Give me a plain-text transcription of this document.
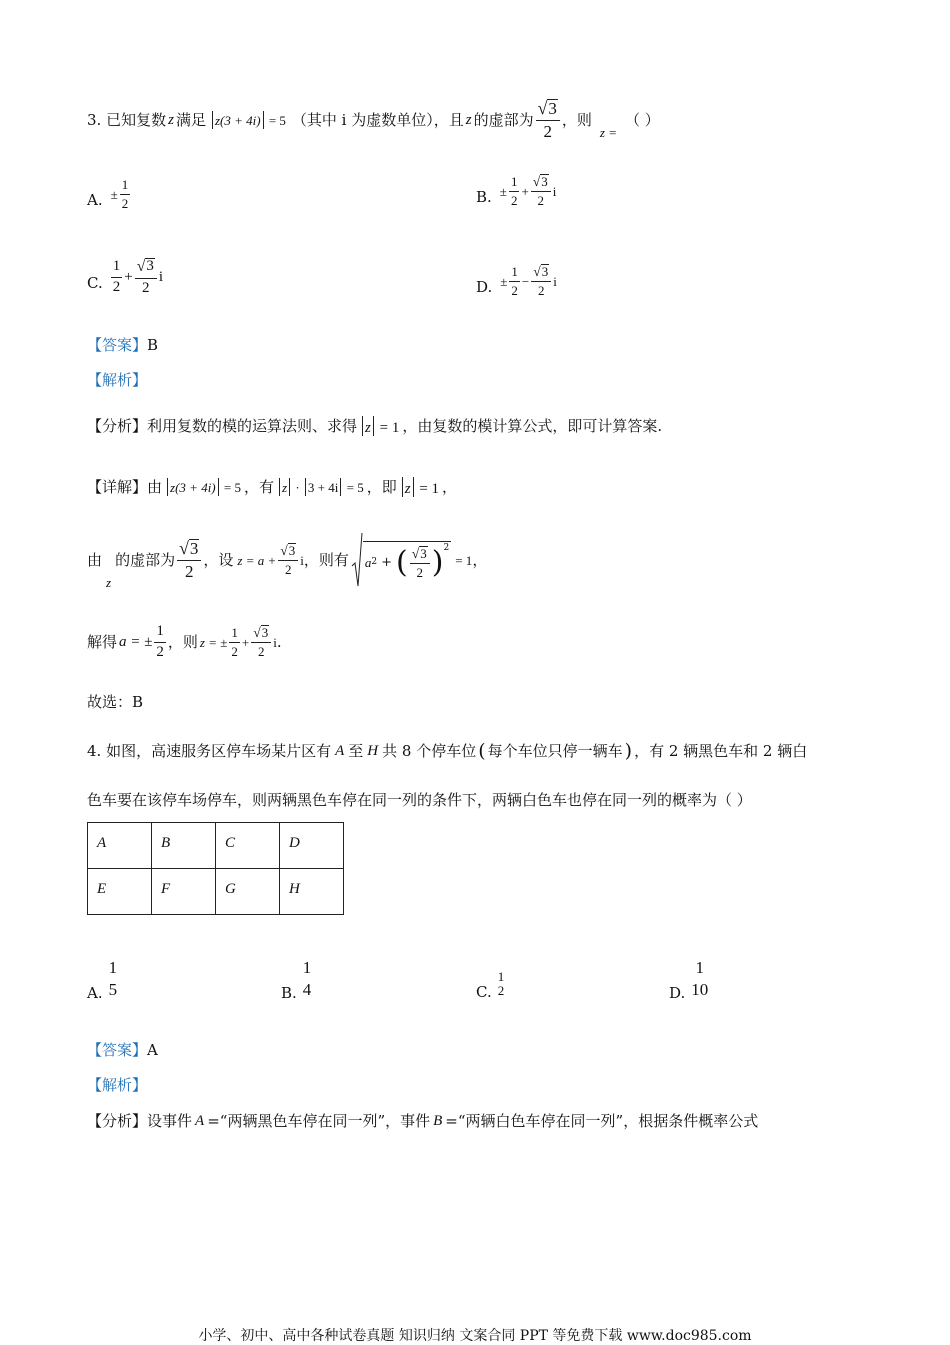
3. 已知复数 z 满足 z(3 + 4i) = 5 （其中 i 为虚数单位），且 z 的虚部为 $\frac{√ 3}{2}$ ，则
z =
（ ）
A. ± $\frac{1}{2}$	B. ± $\frac{1}{2} + \frac{√ 3}{2}$ i
C. $\frac{1}{2} + \frac{√ 3}{2}$ i
D. ± $\frac{1}{2} - \frac{√ 3}{2}$ i
【答案】B
【解析】
【分析】 利用复数的模的运算法则、求得 z = 1 ，由复数的模计算公式，即可计算答案.
【详解】 由 z(3 + 4i) = 5 ，有 z · 3 + 4i = 5 ，即 z = 1 ，
由
z
的虚部为 $\frac{√ 3}{2}$ ，设 $z = a + \frac{√ 3}{2}$ i ，则有 a 2 + ( $\frac{√ 3}{2} )^2$
= 1 ，
解得 a = ± $\frac{1}{2}$ ，则 z = ± $\frac{1}{2} + \frac{√ 3}{2}$ i .
故选：B
4. 如图，高速服务区停车场某片区有 A 至 H 共 8 个停车位 ( 每个车位只停一辆车 ) ，有 2 辆黑色车和 2 辆白
色车要在该停车场停车，则两辆黑色车停在同一列的条件下，两辆白色车也停在同一列的概率为（ ）
A	B	C	D
E	F	G	H
A.
1
5	B.
1
4	C.
1
2	D.
1
10
【答案】A
【解析】
【分析】 设事件 A =“两辆黑色车停在同一列”，事件 B =“两辆白色车停在同一列”，根据条件概率公式
小学、初中、高中各种试卷真题 知识归纳 文案合同 PPT 等免费下载 www.doc985.com
